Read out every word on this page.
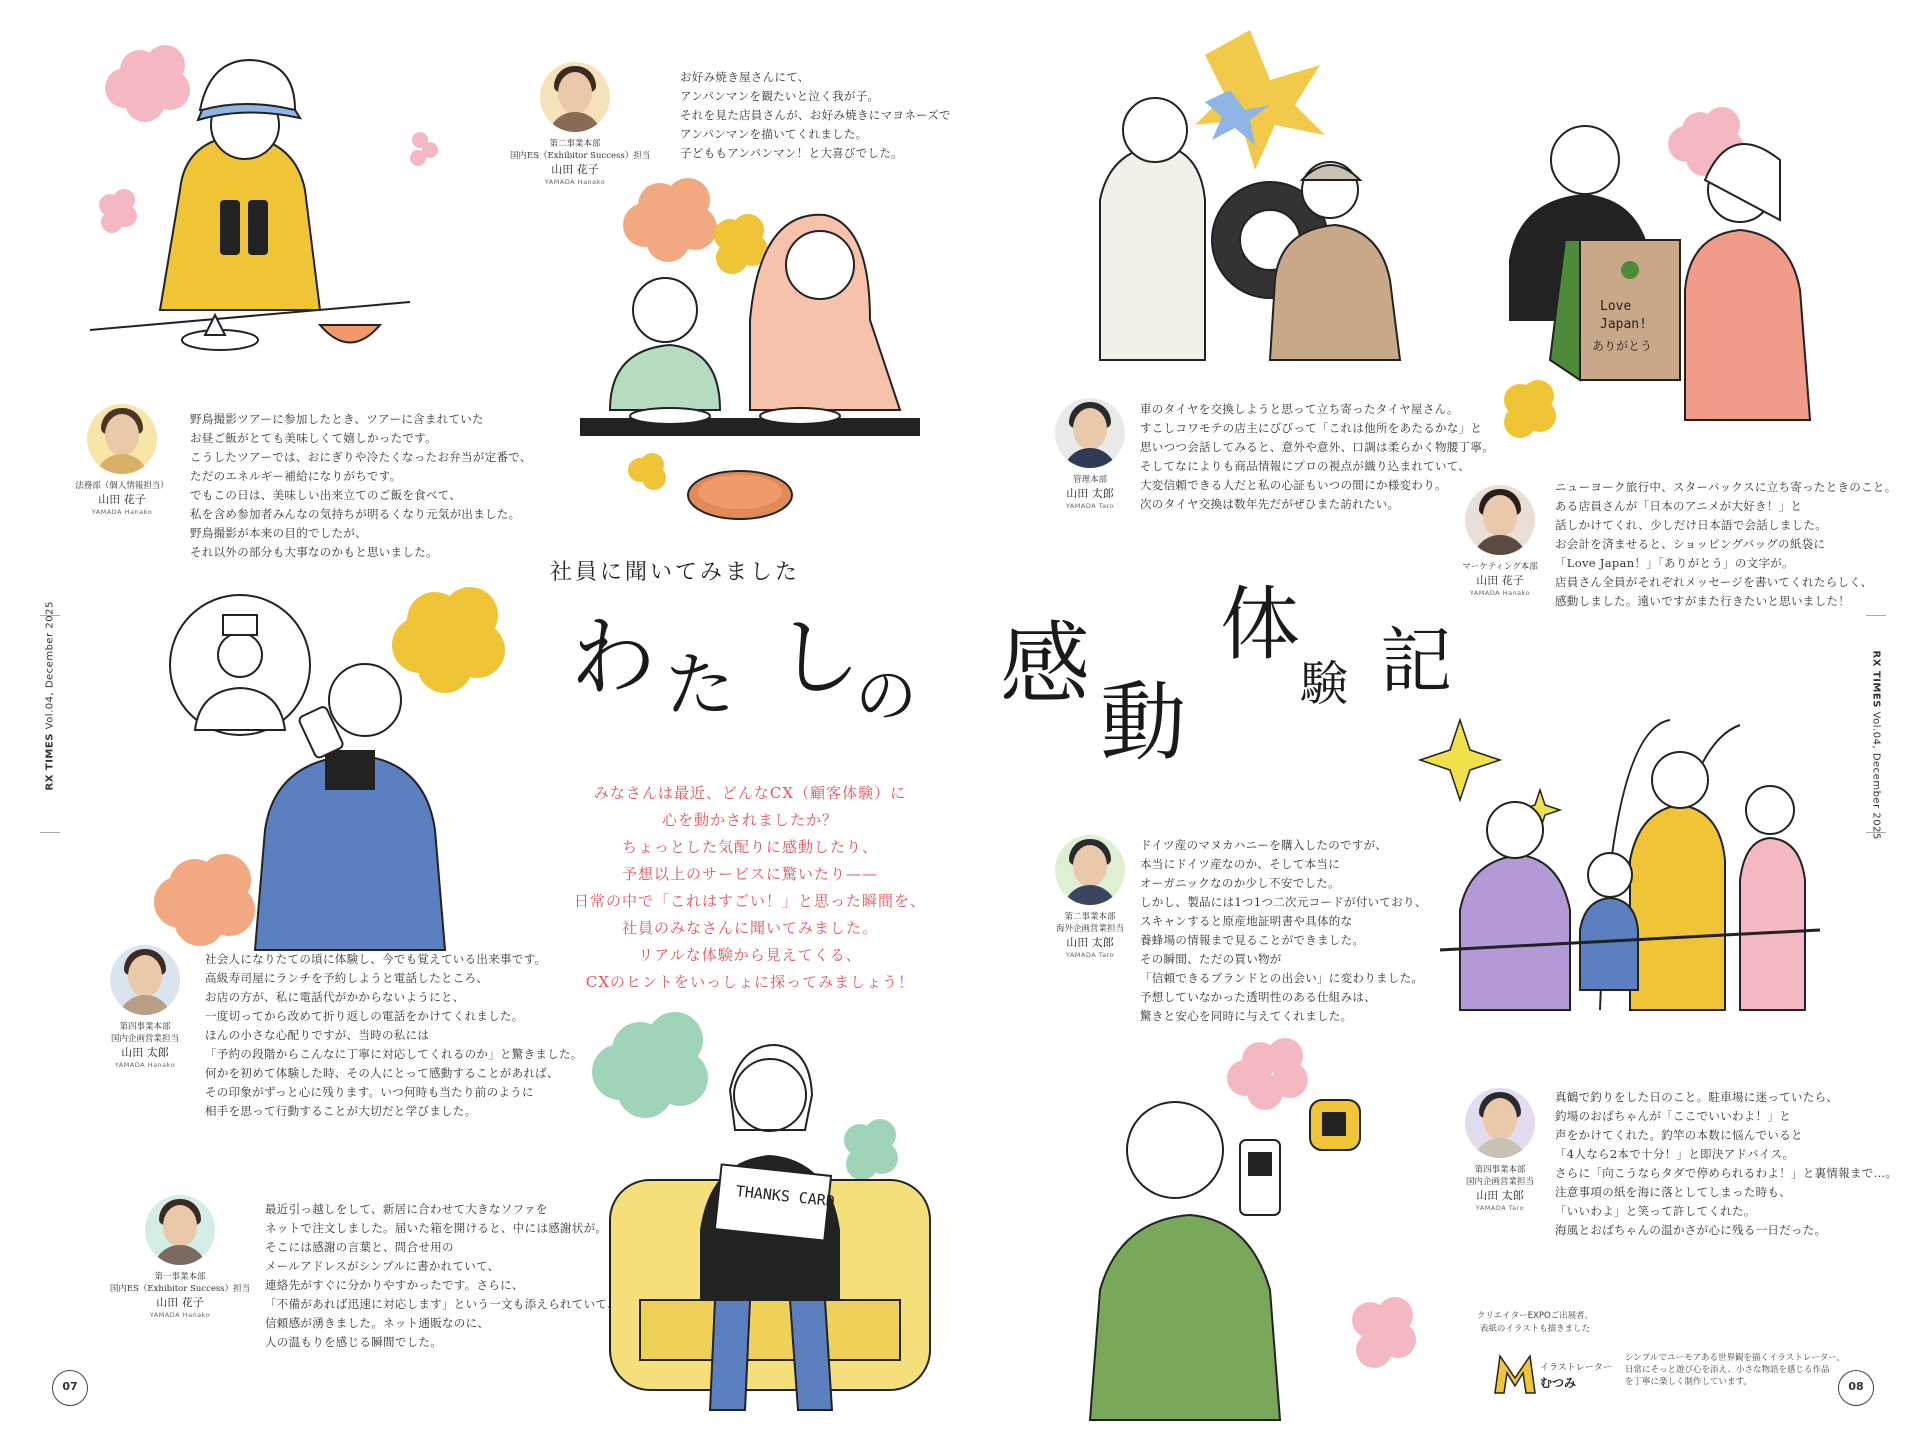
Love
Japan!
ありがとう
THANKS CARD
RX TIMES Vol.04, December 2025	RX TIMES Vol.04, December 2025
07	08
社員に聞いてみました
わ た し
の 感
動
体
験 記

みなさんは最近、どんなCX（顧客体験）に

心を動かされましたか？

ちょっとした気配りに感動したり、

予想以上のサービスに驚いたり——

日常の中で「これはすごい！」と思った瞬間を、

社員のみなさんに聞いてみました。

リアルな体験から見えてくる、

CXのヒントをいっしょに探ってみましょう！

第二事業本部
国内ES（Exhibitor Success）担当
山田 花子
YAMADA Hanako

お好み焼き屋さんにて、

アンパンマンを観たいと泣く我が子。

それを見た店員さんが、お好み焼きにマヨネーズで

アンパンマンを描いてくれました。

子どももアンパンマン！と大喜びでした。

法務部（個人情報担当）
山田 花子
YAMADA Hanako

野鳥撮影ツアーに参加したとき、ツアーに含まれていた

お昼ご飯がとても美味しくて嬉しかったです。

こうしたツアーでは、おにぎりや冷たくなったお弁当が定番で、

ただのエネルギー補給になりがちです。

でもこの日は、美味しい出来立てのご飯を食べて、

私を含め参加者みんなの気持ちが明るくなり元気が出ました。

野鳥撮影が本来の目的でしたが、

それ以外の部分も大事なのかもと思いました。

管理本部
山田 太郎
YAMADA Taro

車のタイヤを交換しようと思って立ち寄ったタイヤ屋さん。

すこしコワモテの店主にびびって「これは他所をあたるかな」と

思いつつ会話してみると、意外や意外、口調は柔らかく物腰丁寧。

そしてなによりも商品情報にプロの視点が織り込まれていて、

大変信頼できる人だと私の心証もいつの間にか様変わり。

次のタイヤ交換は数年先だがぜひまた訪れたい。

マーケティング本部
山田 花子
YAMADA Hanako

ニューヨーク旅行中、スターバックスに立ち寄ったときのこと。

ある店員さんが「日本のアニメが大好き！」と

話しかけてくれ、少しだけ日本語で会話しました。

お会計を済ませると、ショッピングバッグの紙袋に

「Love Japan！」「ありがとう」の文字が。

店員さん全員がそれぞれメッセージを書いてくれたらしく、

感動しました。遠いですがまた行きたいと思いました！

第四事業本部
国内企画営業担当
山田 太郎
YAMADA Hanako

社会人になりたての頃に体験し、今でも覚えている出来事です。

高級寿司屋にランチを予約しようと電話したところ、

お店の方が、私に電話代がかからないようにと、

一度切ってから改めて折り返しの電話をかけてくれました。

ほんの小さな心配りですが、当時の私には

「予約の段階からこんなに丁寧に対応してくれるのか」と驚きました。

何かを初めて体験した時、その人にとって感動することがあれば、

その印象がずっと心に残ります。いつ何時も当たり前のように

相手を思って行動することが大切だと学びました。

第二事業本部
海外企画営業担当
山田 太郎
YAMADA Taro

ドイツ産のマヌカハニーを購入したのですが、

本当にドイツ産なのか、そして本当に

オーガニックなのか少し不安でした。

しかし、製品には1つ1つ二次元コードが付いており、

スキャンすると原産地証明書や具体的な

養蜂場の情報まで見ることができました。

その瞬間、ただの買い物が

「信頼できるブランドとの出会い」に変わりました。

予想していなかった透明性のある仕組みは、

驚きと安心を同時に与えてくれました。

第一事業本部
国内ES（Exhibitor Success）担当
山田 花子
YAMADA Hanako

最近引っ越しをして、新居に合わせて大きなソファを

ネットで注文しました。届いた箱を開けると、中には感謝状が。

そこには感謝の言葉と、問合せ用の

メールアドレスがシンプルに書かれていて、

連絡先がすぐに分かりやすかったです。さらに、

「不備があれば迅速に対応します」という一文も添えられていて、

信頼感が湧きました。ネット通販なのに、

人の温もりを感じる瞬間でした。

第四事業本部
国内企画営業担当
山田 太郎
YAMADA Taro

真鶴で釣りをした日のこと。駐車場に迷っていたら、

釣場のおばちゃんが「ここでいいわよ！」と

声をかけてくれた。釣竿の本数に悩んでいると

「4人なら2本で十分！」と即決アドバイス。

さらに「向こうならタダで停められるわよ！」と裏情報まで…。

注意事項の紙を海に落としてしまった時も、

「いいわよ」と笑って許してくれた。

海風とおばちゃんの温かさが心に残る一日だった。

クリエイターEXPOご出展者。
表紙のイラストも描きました
イラストレーター
むつみ
シンプルでユーモアある世界観を描くイラストレーター。
日常にそっと遊び心を添え、小さな物語を感じる作品
を丁寧に楽しく制作しています。
